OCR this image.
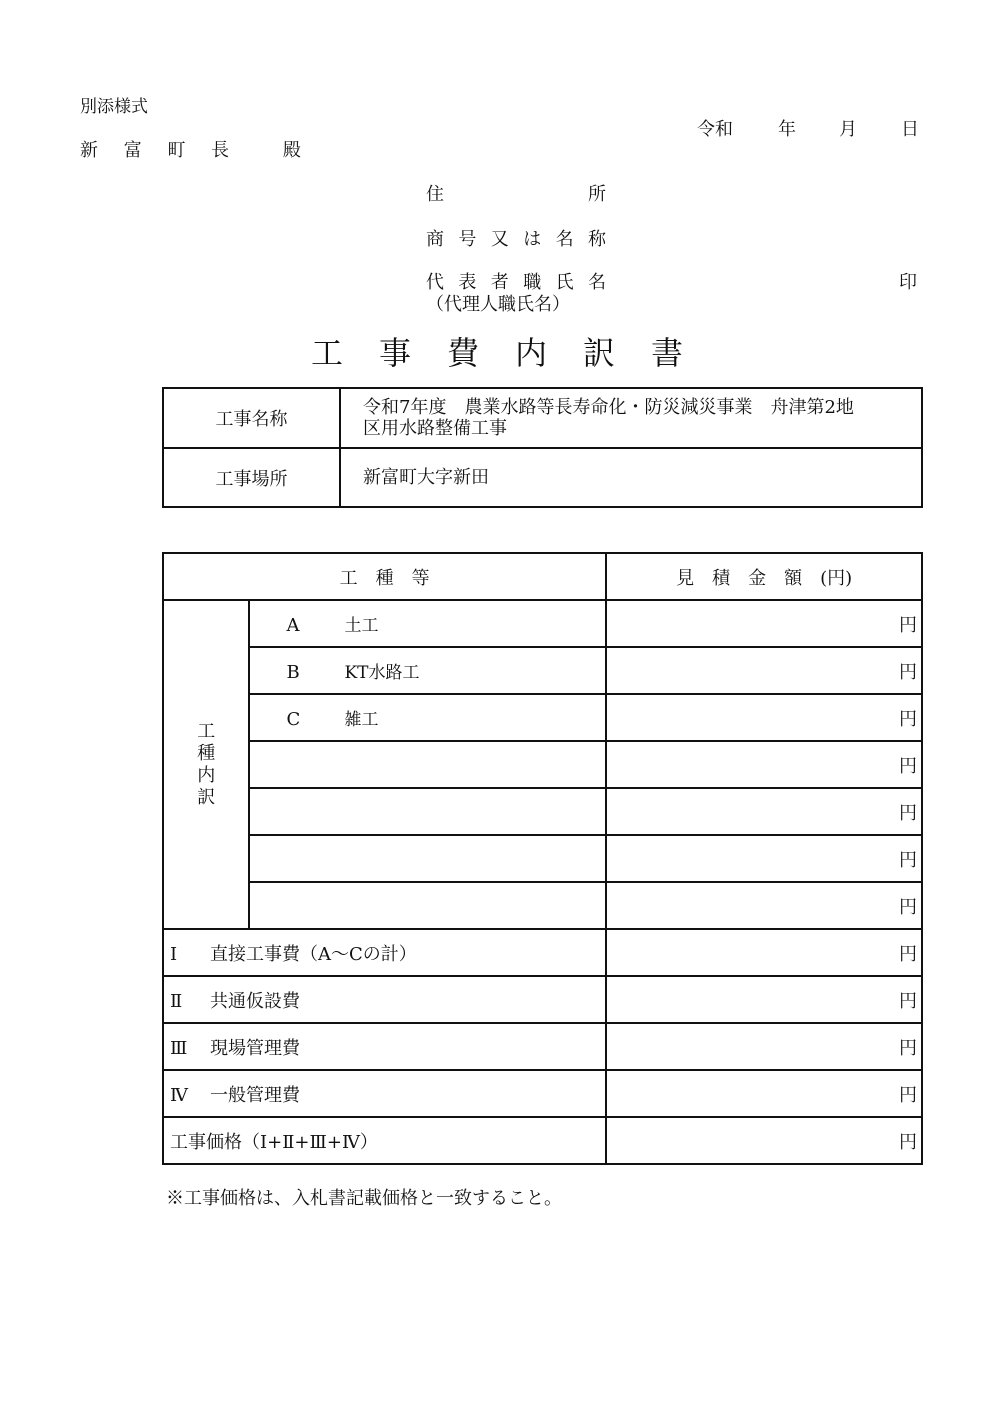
別添様式
新 富 町 長　 殿
令和	年 月 日
住所
商号又は名称
代表者職氏名
（代理人職氏名）
印
工事費内訳書
工事名称	令和7年度　農業水路等長寿命化・防災減災事業　舟津第2地
区用水路整備工事

工事場所	新富町大字新田
工　種　等		見　積　金　額　(円)

工
種
内
訳	A 土工	円
	B KT水路工	円
	C 雑工	円
		円
		円
		円
		円
Ⅰ 直接工事費（A～Cの計）		円
Ⅱ 共通仮設費		円
Ⅲ 現場管理費		円
Ⅳ 一般管理費		円
工事価格（Ⅰ+Ⅱ+Ⅲ+Ⅳ）		円
※工事価格は、入札書記載価格と一致すること。
